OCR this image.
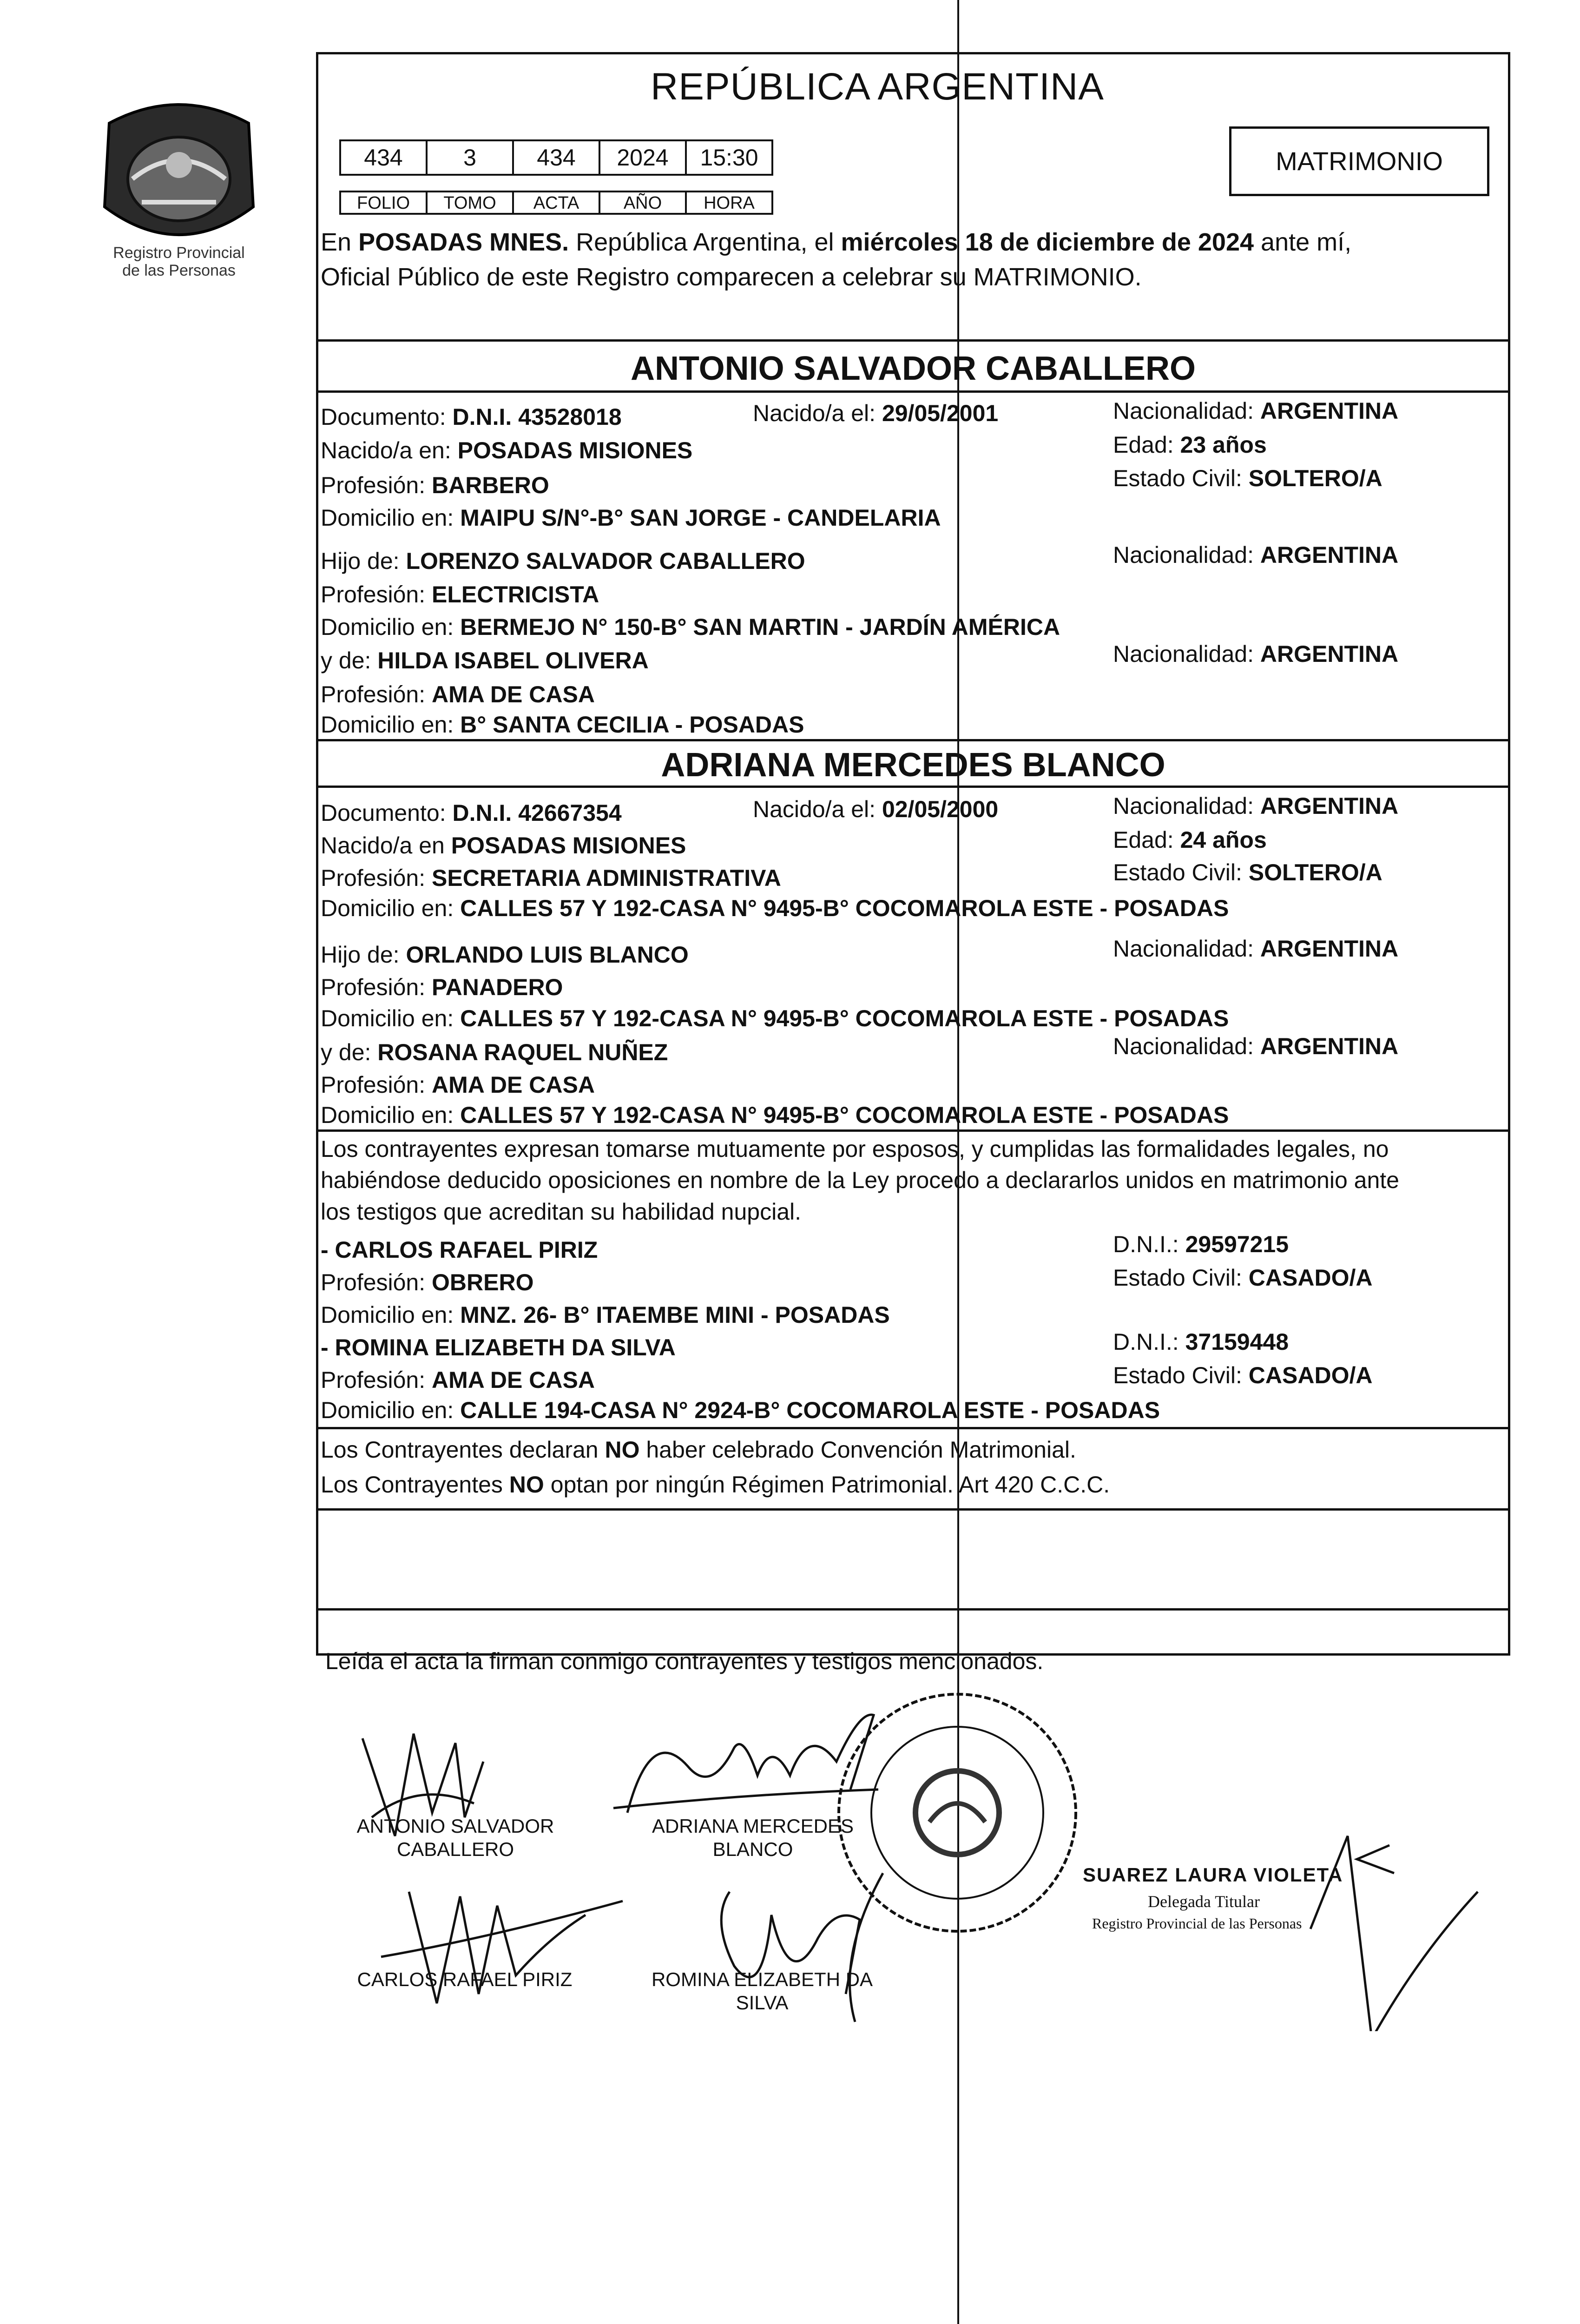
Registro Provincial
de las Personas
REPÚBLICA ARGENTINA
434	3	434	2024	15:30
FOLIO	TOMO	ACTA	AÑO	HORA
MATRIMONIO
En POSADAS MNES. República Argentina, el miércoles 18 de diciembre de 2024 ante mí,
Oficial Público de este Registro comparecen a celebrar su MATRIMONIO.
ANTONIO SALVADOR CABALLERO
Documento: D.N.I. 43528018	Nacido/a el: 29/05/2001	Nacionalidad: ARGENTINA
Nacido/a en: POSADAS MISIONES	Edad: 23 años
Profesión: BARBERO	Estado Civil: SOLTERO/A
Domicilio en: MAIPU S/N°-B° SAN JORGE - CANDELARIA
Hijo de: LORENZO SALVADOR CABALLERO	Nacionalidad: ARGENTINA
Profesión: ELECTRICISTA
Domicilio en: BERMEJO N° 150-B° SAN MARTIN - JARDÍN AMÉRICA
y de: HILDA ISABEL OLIVERA	Nacionalidad: ARGENTINA
Profesión: AMA DE CASA
Domicilio en: B° SANTA CECILIA - POSADAS
ADRIANA MERCEDES BLANCO
Documento: D.N.I. 42667354	Nacido/a el: 02/05/2000	Nacionalidad: ARGENTINA
Nacido/a en POSADAS MISIONES	Edad: 24 años
Profesión: SECRETARIA ADMINISTRATIVA	Estado Civil: SOLTERO/A
Domicilio en: CALLES 57 Y 192-CASA N° 9495-B° COCOMAROLA ESTE - POSADAS
Hijo de: ORLANDO LUIS BLANCO	Nacionalidad: ARGENTINA
Profesión: PANADERO
Domicilio en: CALLES 57 Y 192-CASA N° 9495-B° COCOMAROLA ESTE - POSADAS
y de: ROSANA RAQUEL NUÑEZ	Nacionalidad: ARGENTINA
Profesión: AMA DE CASA
Domicilio en: CALLES 57 Y 192-CASA N° 9495-B° COCOMAROLA ESTE - POSADAS
Los contrayentes expresan tomarse mutuamente por esposos, y cumplidas las formalidades legales, no
habiéndose deducido oposiciones en nombre de la Ley procedo a declararlos unidos en matrimonio ante
los testigos que acreditan su habilidad nupcial.
- CARLOS RAFAEL PIRIZ	D.N.I.: 29597215
Profesión: OBRERO	Estado Civil: CASADO/A
Domicilio en: MNZ. 26- B° ITAEMBE MINI - POSADAS
- ROMINA ELIZABETH DA SILVA	D.N.I.: 37159448
Profesión: AMA DE CASA	Estado Civil: CASADO/A
Domicilio en: CALLE 194-CASA N° 2924-B° COCOMAROLA ESTE - POSADAS
Los Contrayentes declaran NO haber celebrado Convención Matrimonial.
Los Contrayentes NO optan por ningún Régimen Patrimonial. Art 420 C.C.C.
Leída el acta la firman conmigo contrayentes y testigos mencionados.
ANTONIO SALVADOR
CABALLERO
ADRIANA MERCEDES
BLANCO
CARLOS RAFAEL PIRIZ	ROMINA ELIZABETH DA
SILVA
SUAREZ LAURA VIOLETA
Delegada Titular
Registro Provincial de las Personas
